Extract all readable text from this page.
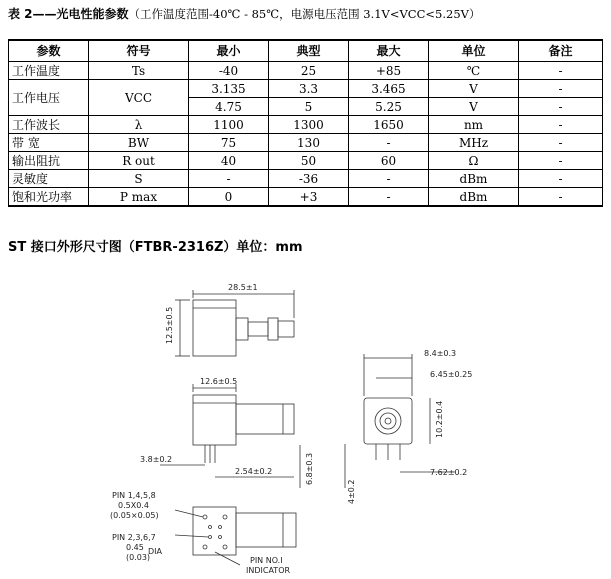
表 2——光电性能参数（工作温度范围-40℃ - 85℃，电源电压范围 3.1V<VCC<5.25V）
参数	符号	最小	典型	最大	单位	备注
工作温度	Ts	-40	25	+85	℃	-
工作电压	VCC	3.135	3.3	3.465	V	-
		4.75	5	5.25	V	-
工作波长	λ	1100	1300	1650	nm	-
带 宽	BW	75	130	-	MHz	-
输出阻抗	R out	40	50	60	Ω	-
灵敏度	S	-	-36	-	dBm	-
饱和光功率	P max	0	+3	-	dBm	-
ST 接口外形尺寸图（FTBR-2316Z）单位：mm
28.5±1
12.5±0.5
12.6±0.5
3.8±0.2
2.54±0.2	6.8±0.3
8.4±0.3
6.45±0.25
10.2±0.4
4±0.2
7.62±0.2
PIN 1,4,5,8
0.5X0.4
(0.05×0.05)
PIN 2,3,6,7
0.45 DIA
(0.03)	PIN NO.I
INDICATOR
